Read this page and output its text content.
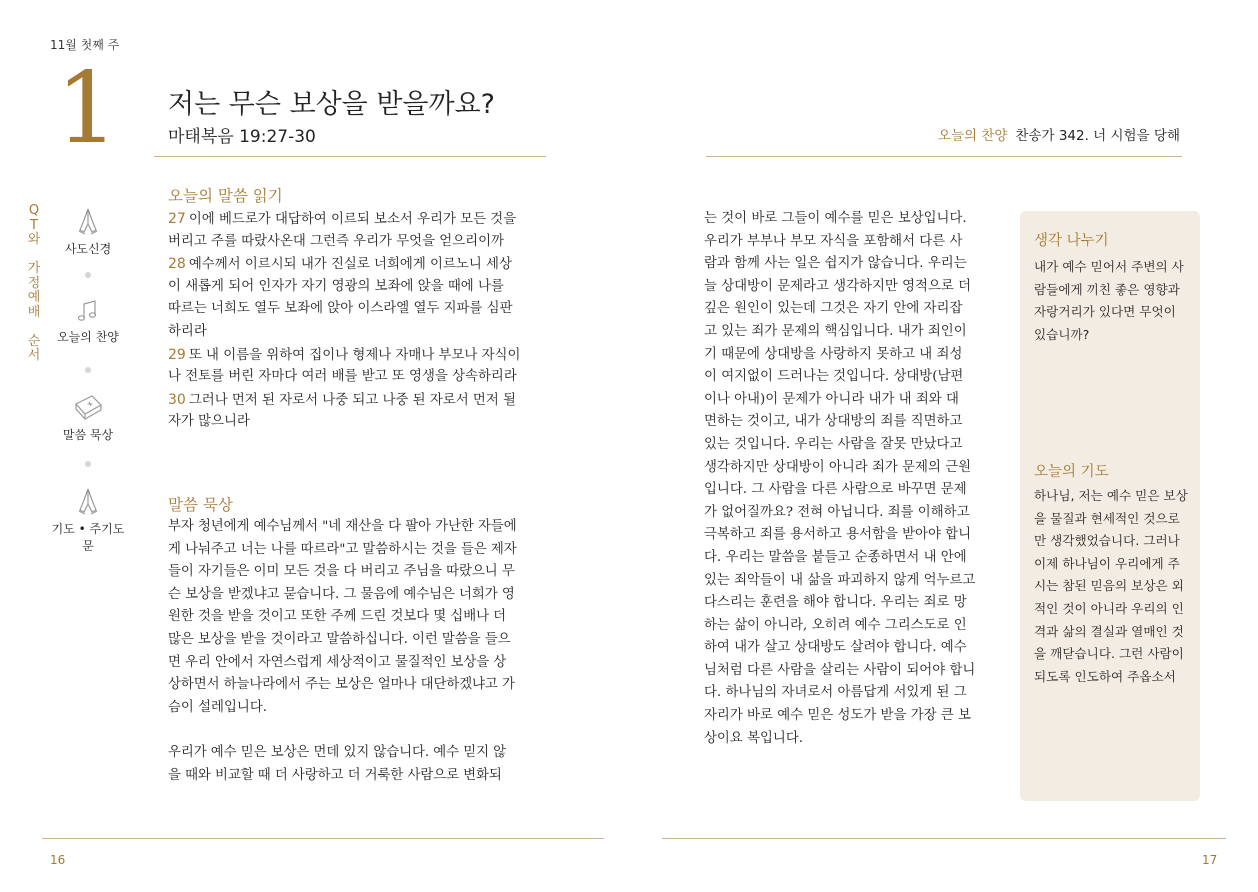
11월 첫째 주
1 저는 무슨 보상을 받을까요?
마태복음 19:27-30	오늘의 찬양 찬송가 342. 너 시험을 당해
Q
T
와

가
정
예
배

순
서
사도신경
오늘의 찬양
말씀 묵상
기도 • 주기도문
오늘의 말씀 읽기
27 이에 베드로가 대답하여 이르되 보소서 우리가 모든 것을
버리고 주를 따랐사온대 그런즉 우리가 무엇을 얻으리이까
28 예수께서 이르시되 내가 진실로 너희에게 이르노니 세상
이 새롭게 되어 인자가 자기 영광의 보좌에 앉을 때에 나를
따르는 너희도 열두 보좌에 앉아 이스라엘 열두 지파를 심판
하리라
29 또 내 이름을 위하여 집이나 형제나 자매나 부모나 자식이
나 전토를 버린 자마다 여러 배를 받고 또 영생을 상속하리라
30 그러나 먼저 된 자로서 나중 되고 나중 된 자로서 먼저 될
자가 많으니라
말씀 묵상
부자 청년에게 예수님께서 "네 재산을 다 팔아 가난한 자들에
게 나눠주고 너는 나를 따르라"고 말씀하시는 것을 들은 제자
들이 자기들은 이미 모든 것을 다 버리고 주님을 따랐으니 무
슨 보상을 받겠냐고 묻습니다. 그 물음에 예수님은 너희가 영
원한 것을 받을 것이고 또한 주께 드린 것보다 몇 십배나 더
많은 보상을 받을 것이라고 말씀하십니다. 이런 말씀을 들으
면 우리 안에서 자연스럽게 세상적이고 물질적인 보상을 상
상하면서 하늘나라에서 주는 보상은 얼마나 대단하겠냐고 가
슴이 설레입니다.
우리가 예수 믿은 보상은 먼데 있지 않습니다. 예수 믿지 않
을 때와 비교할 때 더 사랑하고 더 거룩한 사람으로 변화되
는 것이 바로 그들이 예수를 믿은 보상입니다.
우리가 부부나 부모 자식을 포함해서 다른 사
람과 함께 사는 일은 쉽지가 않습니다. 우리는
늘 상대방이 문제라고 생각하지만 영적으로 더
깊은 원인이 있는데 그것은 자기 안에 자리잡
고 있는 죄가 문제의 핵심입니다. 내가 죄인이
기 때문에 상대방을 사랑하지 못하고 내 죄성
이 여지없이 드러나는 것입니다. 상대방(남편
이나 아내)이 문제가 아니라 내가 내 죄와 대
면하는 것이고, 내가 상대방의 죄를 직면하고
있는 것입니다. 우리는 사람을 잘못 만났다고
생각하지만 상대방이 아니라 죄가 문제의 근원
입니다. 그 사람을 다른 사람으로 바꾸면 문제
가 없어질까요? 전혀 아닙니다. 죄를 이해하고
극복하고 죄를 용서하고 용서함을 받아야 합니
다. 우리는 말씀을 붙들고 순종하면서 내 안에
있는 죄악들이 내 삶을 파괴하지 않게 억누르고
다스리는 훈련을 해야 합니다. 우리는 죄로 망
하는 삶이 아니라, 오히려 예수 그리스도로 인
하여 내가 살고 상대방도 살려야 합니다. 예수
님처럼 다른 사람을 살리는 사람이 되어야 합니
다. 하나님의 자녀로서 아름답게 서있게 된 그
자리가 바로 예수 믿은 성도가 받을 가장 큰 보
상이요 복입니다.
생각 나누기
내가 예수 믿어서 주변의 사
람들에게 끼친 좋은 영향과
자랑거리가 있다면 무엇이
있습니까?
오늘의 기도
하나님, 저는 예수 믿은 보상
을 물질과 현세적인 것으로
만 생각했었습니다. 그러나
이제 하나님이 우리에게 주
시는 참된 믿음의 보상은 외
적인 것이 아니라 우리의 인
격과 삶의 결실과 열매인 것
을 깨닫습니다. 그런 사람이
되도록 인도하여 주옵소서
16	17
